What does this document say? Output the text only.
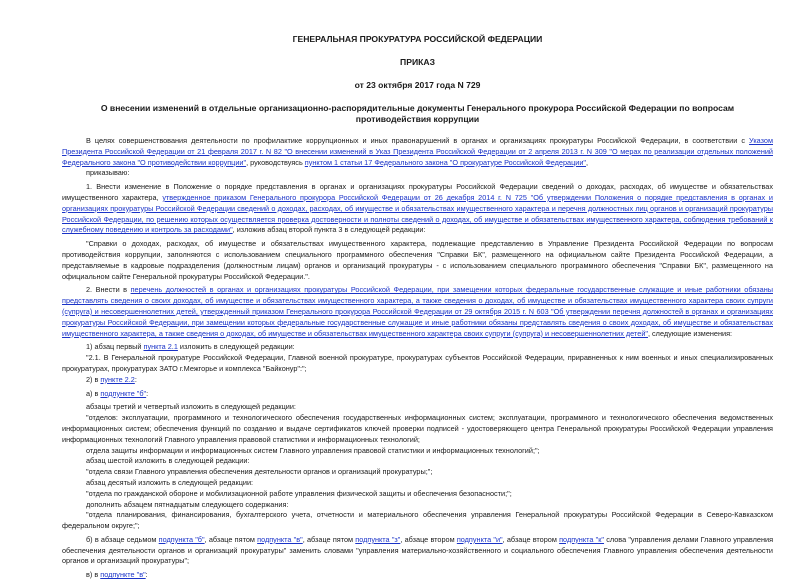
ГЕНЕРАЛЬНАЯ ПРОКУРАТУРА РОССИЙСКОЙ ФЕДЕРАЦИИ
ПРИКАЗ
от 23 октября 2017 года N 729
О внесении изменений в отдельные организационно-распорядительные документы Генерального прокурора Российской Федерации по вопросам противодействия коррупции

В целях совершенствования деятельности по профилактике коррупционных и иных правонарушений в органах и организациях прокуратуры Российской Федерации, в соответствии с Указом Президента Российской Федерации от 21 февраля 2017 г. N 82 "О внесении изменений в Указ Президента Российской Федерации от 2 апреля 2013 г. N 309 "О мерах по реализации отдельных положений Федерального закона "О противодействии коррупции", руководствуясь пунктом 1 статьи 17 Федерального закона "О прокуратуре Российской Федерации",

приказываю:

1. Внести изменение в Положение о порядке представления в органах и организациях прокуратуры Российской Федерации сведений о доходах, расходах, об имуществе и обязательствах имущественного характера, утвержденное приказом Генерального прокурора Российской Федерации от 26 декабря 2014 г. N 725 "Об утверждении Положения о порядке представления в органах и организациях прокуратуры Российской Федерации сведений о доходах, расходах, об имуществе и обязательствах имущественного характера и перечня должностных лиц органов и организаций прокуратуры Российской Федерации, по решению которых осуществляется проверка достоверности и полноты сведений о доходах, об имуществе и обязательствах имущественного характера, соблюдения требований к служебному поведению и контроль за расходами", изложив абзац второй пункта 3 в следующей редакции:

"Справки о доходах, расходах, об имуществе и обязательствах имущественного характера, подлежащие представлению в Управление Президента Российской Федерации по вопросам противодействия коррупции, заполняются с использованием специального программного обеспечения "Справки БК", размещенного на официальном сайте Президента Российской Федерации, а представляемые в кадровые подразделения (должностным лицам) органов и организаций прокуратуры - с использованием специального программного обеспечения "Справки БК", размещенного на официальном сайте Генеральной прокуратуры Российской Федерации.".

2. Внести в перечень должностей в органах и организациях прокуратуры Российской Федерации, при замещении которых федеральные государственные служащие и иные работники обязаны представлять сведения о своих доходах, об имуществе и обязательствах имущественного характера, а также сведения о доходах, об имуществе и обязательствах имущественного характера своих супруги (супруга) и несовершеннолетних детей, утвержденный приказом Генерального прокурора Российской Федерации от 29 октября 2015 г. N 603 "Об утверждении перечня должностей в органах и организациях прокуратуры Российской Федерации, при замещении которых федеральные государственные служащие и иные работники обязаны представлять сведения о своих доходах, об имуществе и обязательствах имущественного характера, а также сведения о доходах, об имуществе и обязательствах имущественного характера своих супруги (супруга) и несовершеннолетних детей", следующие изменения:

1) абзац первый пункта 2.1 изложить в следующей редакции:

"2.1. В Генеральной прокуратуре Российской Федерации, Главной военной прокуратуре, прокуратурах субъектов Российской Федерации, приравненных к ним военных и иных специализированных прокуратурах, прокуратурах ЗАТО г.Межгорье и комплекса "Байконур":";

2) в пункте 2.2:

а) в подпункте "б":

абзацы третий и четвертый изложить в следующей редакции:

"отделов: эксплуатации, программного и технологического обеспечения государственных информационных систем; эксплуатации, программного и технологического обеспечения ведомственных информационных систем; обеспечения функций по созданию и выдаче сертификатов ключей проверки подписей - удостоверяющего центра Генеральной прокуратуры Российской Федерации управления информационных технологий Главного управления правовой статистики и информационных технологий;

отдела защиты информации и информационных систем Главного управления правовой статистики и информационных технологий;";

абзац шестой изложить в следующей редакции:

"отдела связи Главного управления обеспечения деятельности органов и организаций прокуратуры;";

абзац десятый изложить в следующей редакции:

"отдела по гражданской обороне и мобилизационной работе управления физической защиты и обеспечения безопасности;";

дополнить абзацем пятнадцатым следующего содержания:

"отдела планирования, финансирования, бухгалтерского учета, отчетности и материального обеспечения управления Генеральной прокуратуры Российской Федерации в Северо-Кавказском федеральном округе;";

б) в абзаце седьмом подпункта "б", абзаце пятом подпункта "в", абзаце пятом подпункта "з", абзаце втором подпункта "и", абзаце втором подпункта "к" слова "управления делами Главного управления обеспечения деятельности органов и организаций прокуратуры" заменить словами "управления материально-хозяйственного и социального обеспечения Главного управления обеспечения деятельности органов и организаций прокуратуры";

в) в подпункте "в":
